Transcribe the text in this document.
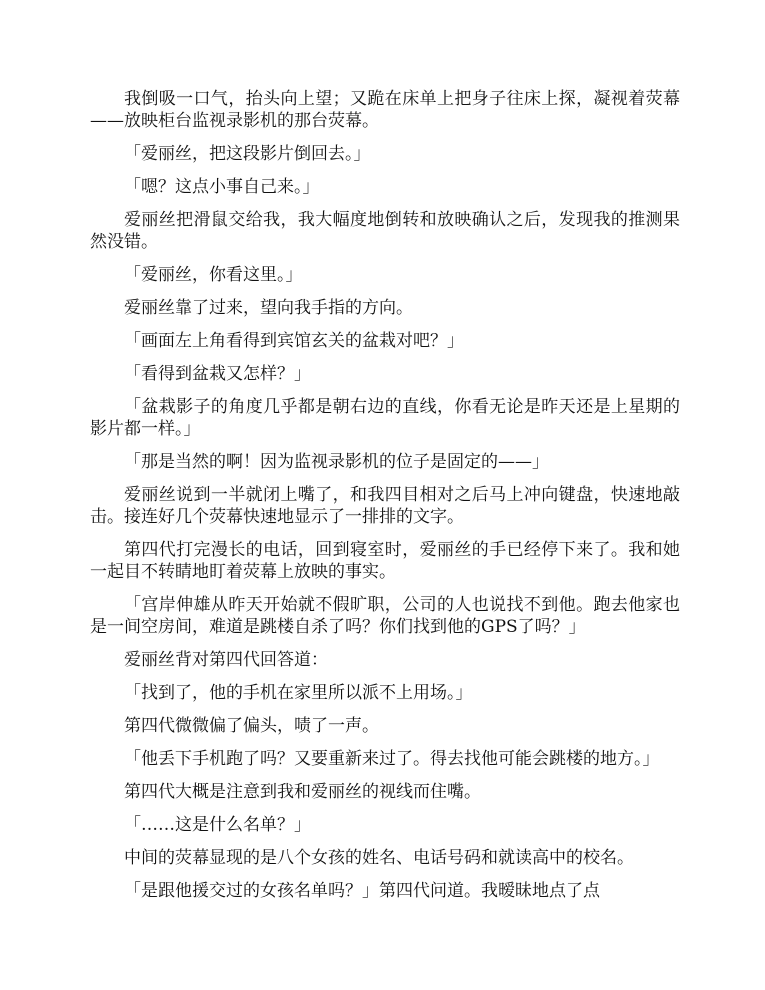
我倒吸一口气，抬头向上望；又跪在床单上把身子往床上探，凝视着荧幕——放映柜台监视录影机的那台荧幕。

「爱丽丝，把这段影片倒回去。」

「嗯？这点小事自己来。」

爱丽丝把滑鼠交给我，我大幅度地倒转和放映确认之后，发现我的推测果然没错。

「爱丽丝，你看这里。」

爱丽丝靠了过来，望向我手指的方向。

「画面左上角看得到宾馆玄关的盆栽对吧？」

「看得到盆栽又怎样？」

「盆栽影子的角度几乎都是朝右边的直线，你看无论是昨天还是上星期的影片都一样。」

「那是当然的啊！因为监视录影机的位子是固定的——」

爱丽丝说到一半就闭上嘴了，和我四目相对之后马上冲向键盘，快速地敲击。接连好几个荧幕快速地显示了一排排的文字。

第四代打完漫长的电话，回到寝室时，爱丽丝的手已经停下来了。我和她一起目不转睛地盯着荧幕上放映的事实。

「宫岸伸雄从昨天开始就不假旷职，公司的人也说找不到他。跑去他家也是一间空房间，难道是跳楼自杀了吗？你们找到他的GPS了吗？」

爱丽丝背对第四代回答道：

「找到了，他的手机在家里所以派不上用场。」

第四代微微偏了偏头，啧了一声。

「他丢下手机跑了吗？又要重新来过了。得去找他可能会跳楼的地方。」

第四代大概是注意到我和爱丽丝的视线而住嘴。

「……这是什么名单？」

中间的荧幕显现的是八个女孩的姓名、电话号码和就读高中的校名。

「是跟他援交过的女孩名单吗？」第四代问道。我暧昧地点了点
